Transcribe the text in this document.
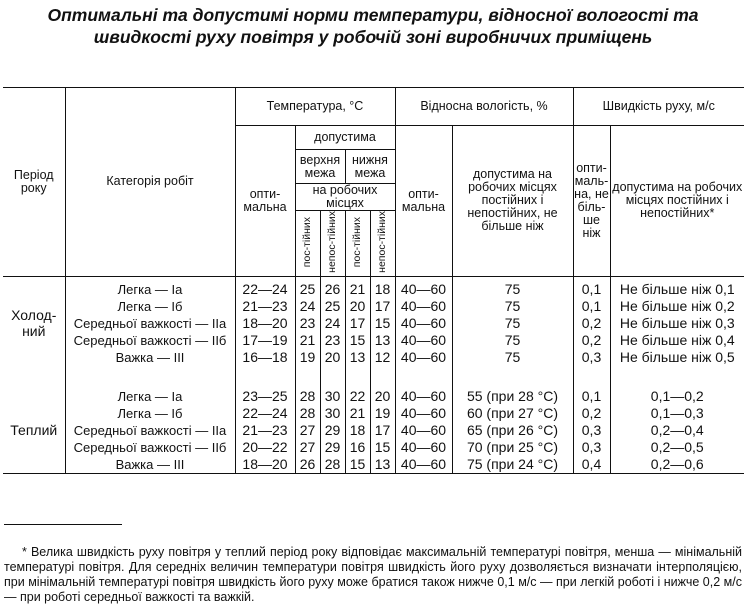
Оптимальні та допустимі норми температури, відносної вологості та швидкості руху повітря у робочій зоні виробничих приміщень
Період року	Категорія робіт	Температура, °С					Відносна вологість, %		Швидкість руху, м/с	
		опти-мальна	допустима				опти-мальна	допустима на робочих місцях постійних і непостійних, не більше ніж	опти-маль-на, не біль-ше ніж	допустима на робочих місцях постійних і непостійних*
			верхня межа		нижня межа					
			на робочих місцях							
			пос-тійних	непос-тійних	пос-тійних	непос-тійних				

Холод-ний	Легка — Іа	22—24	25	26	21	18	40—60	75	0,1	Не більше ніж 0,1
	Легка — Іб	21—23	24	25	20	17	40—60	75	0,1	Не більше ніж 0,2
	Середньої важкості — ІІа	18—20	23	24	17	15	40—60	75	0,2	Не більше ніж 0,3
	Середньої важкості — ІІб	17—19	21	23	15	13	40—60	75	0,2	Не більше ніж 0,4
	Важка — ІІІ	16—18	19	20	13	12	40—60	75	0,3	Не більше ніж 0,5

Теплий	Легка — Іа	23—25	28	30	22	20	40—60	55 (при 28 °С)	0,1	0,1—0,2
	Легка — Іб	22—24	28	30	21	19	40—60	60 (при 27 °С)	0,2	0,1—0,3
	Середньої важкості — ІІа	21—23	27	29	18	17	40—60	65 (при 26 °С)	0,3	0,2—0,4
	Середньої важкості — ІІб	20—22	27	29	16	15	40—60	70 (при 25 °С)	0,3	0,2—0,5
	Важка — ІІІ	18—20	26	28	15	13	40—60	75 (при 24 °С)	0,4	0,2—0,6

* Велика швидкість руху повітря у теплий період року відповідає максимальній температурі повітря, менша — мінімальній температурі повітря. Для середніх величин температури повітря швидкість його руху дозволяється визначати інтерполяцією, при мінімальній температурі повітря швидкість його руху може братися також нижче 0,1 м/с — при легкій роботі і нижче 0,2 м/с — при роботі середньої важкості та важкій.
